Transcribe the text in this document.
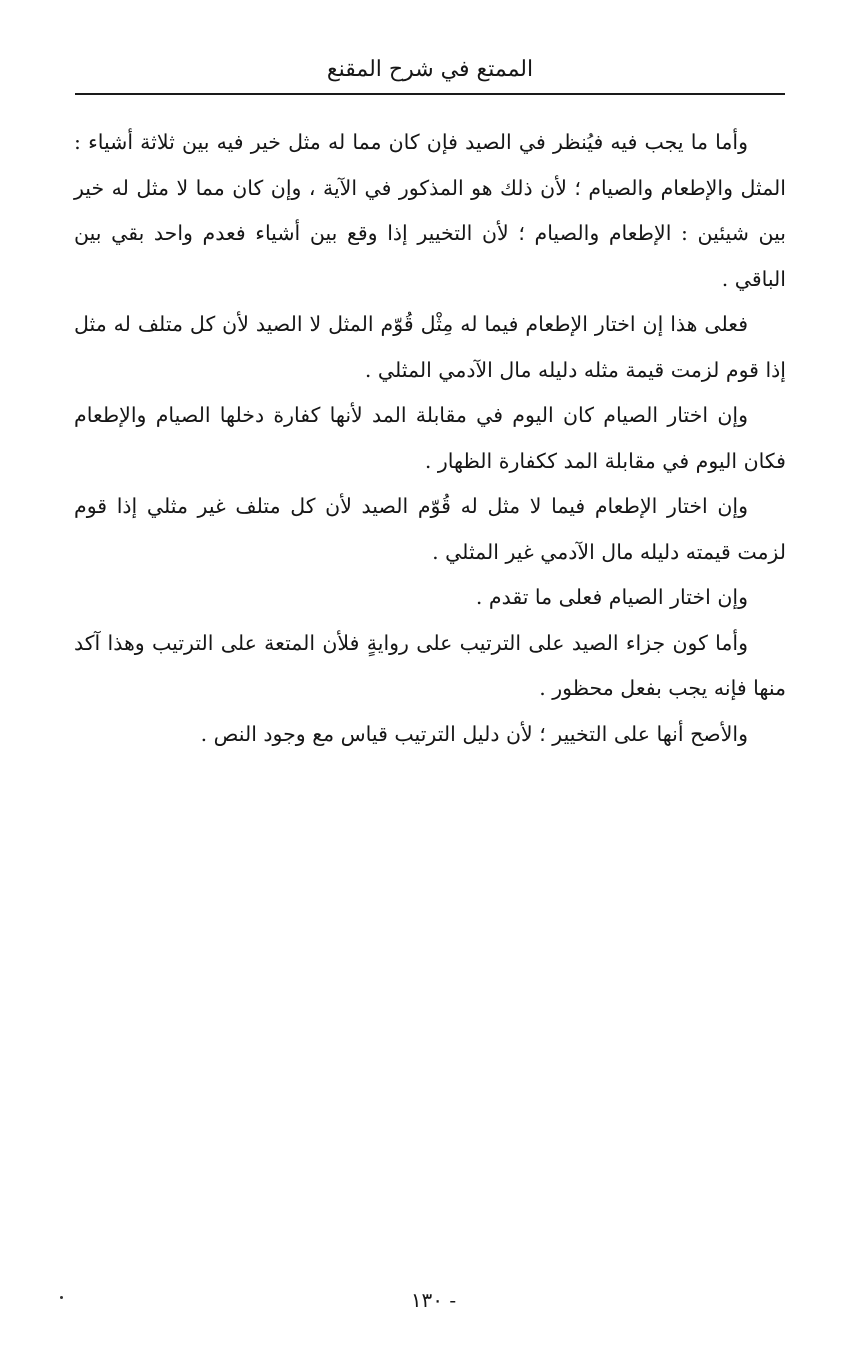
الممتع في شرح المقنع

وأما ما يجب فيه فيُنظر في الصيد فإن كان مما له مثل خير فيه بين ثلاثة أشياء : المثل والإطعام والصيام ؛ لأن ذلك هو المذكور في الآية ، وإن كان مما لا مثل له خير بين شيئين : الإطعام والصيام ؛ لأن التخيير إذا وقع بين أشياء فعدم واحد بقي بين الباقي .

فعلى هذا إن اختار الإطعام فيما له مِثْل قُوّم المثل لا الصيد لأن كل متلف له مثل إذا قوم لزمت قيمة مثله دليله مال الآدمي المثلي .

وإن اختار الصيام كان اليوم في مقابلة المد لأنها كفارة دخلها الصيام والإطعام فكان اليوم في مقابلة المد ككفارة الظهار .

وإن اختار الإطعام فيما لا مثل له قُوّم الصيد لأن كل متلف غير مثلي إذا قوم لزمت قيمته دليله مال الآدمي غير المثلي .

وإن اختار الصيام فعلى ما تقدم .

وأما كون جزاء الصيد على الترتيب على روايةٍ فلأن المتعة على الترتيب وهذا آكد منها فإنه يجب بفعل محظور .

والأصح أنها على التخيير ؛ لأن دليل الترتيب قياس مع وجود النص .

- ١٣٠
